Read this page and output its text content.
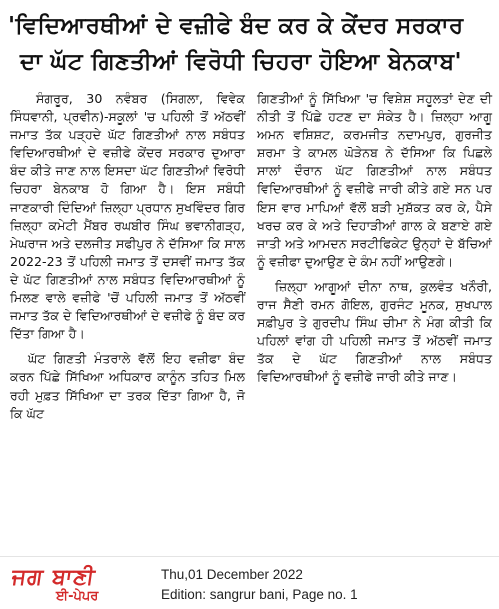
'ਵਿਦਿਆਰਥੀਆਂ ਦੇ ਵਜ਼ੀਫੇ ਬੰਦ ਕਰ ਕੇ ਕੇਂਦਰ ਸਰਕਾਰ
ਦਾ ਘੱਟ ਗਿਣਤੀਆਂ ਵਿਰੋਧੀ ਚਿਹਰਾ ਹੋਇਆ ਬੇਨਕਾਬ'

ਸੰਗਰੂਰ, 30 ਨਵੰਬਰ (ਸਿਗਲਾ, ਵਿਵੇਕ ਸਿੰਧਵਾਨੀ, ਪ੍ਰਵੀਨ)-ਸਕੂਲਾਂ 'ਚ ਪਹਿਲੀ ਤੋਂ ਅੱਠਵੀਂ ਜਮਾਤ ਤੱਕ ਪੜ੍ਹਦੇ ਘੱਟ ਗਿਣਤੀਆਂ ਨਾਲ ਸਬੰਧਤ ਵਿਦਿਆਰਥੀਆਂ ਦੇ ਵਜ਼ੀਫੇ ਕੇਂਦਰ ਸਰਕਾਰ ਦੁਆਰਾ ਬੰਦ ਕੀਤੇ ਜਾਣ ਨਾਲ ਇਸਦਾ ਘੱਟ ਗਿਣਤੀਆਂ ਵਿਰੋਧੀ ਚਿਹਰਾ ਬੇਨਕਾਬ ਹੋ ਗਿਆ ਹੈ। ਇਸ ਸਬੰਧੀ ਜਾਣਕਾਰੀ ਦਿੰਦਿਆਂ ਜ਼ਿਲ੍ਹਾ ਪ੍ਰਧਾਨ ਸੁਖਵਿੰਦਰ ਗਿਰ ਜ਼ਿਲ੍ਹਾ ਕਮੇਟੀ ਮੈਂਬਰ ਰਘਬੀਰ ਸਿੰਘ ਭਵਾਨੀਗੜ੍ਹ, ਮੇਘਰਾਜ ਅਤੇ ਦਲਜੀਤ ਸਫੀਪੁਰ ਨੇ ਦੱਸਿਆ ਕਿ ਸਾਲ 2022-23 ਤੋਂ ਪਹਿਲੀ ਜਮਾਤ ਤੋਂ ਦਸਵੀਂ ਜਮਾਤ ਤੱਕ ਦੇ ਘੱਟ ਗਿਣਤੀਆਂ ਨਾਲ ਸਬੰਧਤ ਵਿਦਿਆਰਥੀਆਂ ਨੂੰ ਮਿਲਣ ਵਾਲੇ ਵਜ਼ੀਫੇ 'ਚੋਂ ਪਹਿਲੀ ਜਮਾਤ ਤੋਂ ਅੱਠਵੀਂ ਜਮਾਤ ਤੱਕ ਦੇ ਵਿਦਿਆਰਥੀਆਂ ਦੇ ਵਜ਼ੀਫੇ ਨੂੰ ਬੰਦ ਕਰ ਦਿੱਤਾ ਗਿਆ ਹੈ।

ਘੱਟ ਗਿਣਤੀ ਮੰਤਰਾਲੇ ਵੱਲੋਂ ਇਹ ਵਜ਼ੀਫਾ ਬੰਦ ਕਰਨ ਪਿੱਛੇ ਸਿੱਖਿਆ ਅਧਿਕਾਰ ਕਾਨੂੰਨ ਤਹਿਤ ਮਿਲ ਰਹੀ ਮੁਫ਼ਤ ਸਿੱਖਿਆ ਦਾ ਤਰਕ ਦਿੱਤਾ ਗਿਆ ਹੈ, ਜੋ ਕਿ ਘੱਟ

ਗਿਣਤੀਆਂ ਨੂੰ ਸਿੱਖਿਆ 'ਚ ਵਿਸ਼ੇਸ਼ ਸਹੂਲਤਾਂ ਦੇਣ ਦੀ ਨੀਤੀ ਤੋਂ ਪਿੱਛੇ ਹਟਣ ਦਾ ਸੰਕੇਤ ਹੈ। ਜ਼ਿਲ੍ਹਾ ਆਗੂ ਅਮਨ ਵਸ਼ਿਸ਼ਟ, ਕਰਮਜੀਤ ਨਦਾਮਪੁਰ, ਗੁਰਜੀਤ ਸ਼ਰਮਾ ਤੇ ਕਾਮਲ ਘੋੜੇਨਬ ਨੇ ਦੱਸਿਆ ਕਿ ਪਿਛਲੇ ਸਾਲਾਂ ਦੌਰਾਨ ਘੱਟ ਗਿਣਤੀਆਂ ਨਾਲ ਸਬੰਧਤ ਵਿਦਿਆਰਥੀਆਂ ਨੂੰ ਵਜ਼ੀਫੇ ਜਾਰੀ ਕੀਤੇ ਗਏ ਸਨ ਪਰ ਇਸ ਵਾਰ ਮਾਪਿਆਂ ਵੱਲੋਂ ਬੜੀ ਮੁਸ਼ੱਕਤ ਕਰ ਕੇ, ਪੈਸੇ ਖਰਚ ਕਰ ਕੇ ਅਤੇ ਦਿਹਾੜੀਆਂ ਗਾਲ ਕੇ ਬਣਾਏ ਗਏ ਜਾਤੀ ਅਤੇ ਆਮਦਨ ਸਰਟੀਫਿਕੇਟ ਉਨ੍ਹਾਂ ਦੇ ਬੱਚਿਆਂ ਨੂੰ ਵਜ਼ੀਫਾ ਦੁਆਉਣ ਦੇ ਕੰਮ ਨਹੀਂ ਆਉਣਗੇ।

ਜ਼ਿਲ੍ਹਾ ਆਗੂਆਂ ਦੀਨਾ ਨਾਥ, ਕੁਲਵੰਤ ਖਨੌਰੀ, ਰਾਜ ਸੈਣੀ ਰਮਨ ਗੋਇਲ, ਗੁਰਜੰਟ ਮੂਨਕ, ਸੁਖਪਾਲ ਸਫ਼ੀਪੁਰ ਤੇ ਗੁਰਦੀਪ ਸਿੰਘ ਚੀਮਾ ਨੇ ਮੰਗ ਕੀਤੀ ਕਿ ਪਹਿਲਾਂ ਵਾਂਗ ਹੀ ਪਹਿਲੀ ਜਮਾਤ ਤੋਂ ਅੱਠਵੀਂ ਜਮਾਤ ਤੱਕ ਦੇ ਘੱਟ ਗਿਣਤੀਆਂ ਨਾਲ ਸਬੰਧਤ ਵਿਦਿਆਰਥੀਆਂ ਨੂੰ ਵਜ਼ੀਫੇ ਜਾਰੀ ਕੀਤੇ ਜਾਣ।

ਜਗ ਬਾਣੀ
ਈ-ਪੇਪਰ
Thu,01 December 2022
Edition: sangrur bani, Page no. 1
